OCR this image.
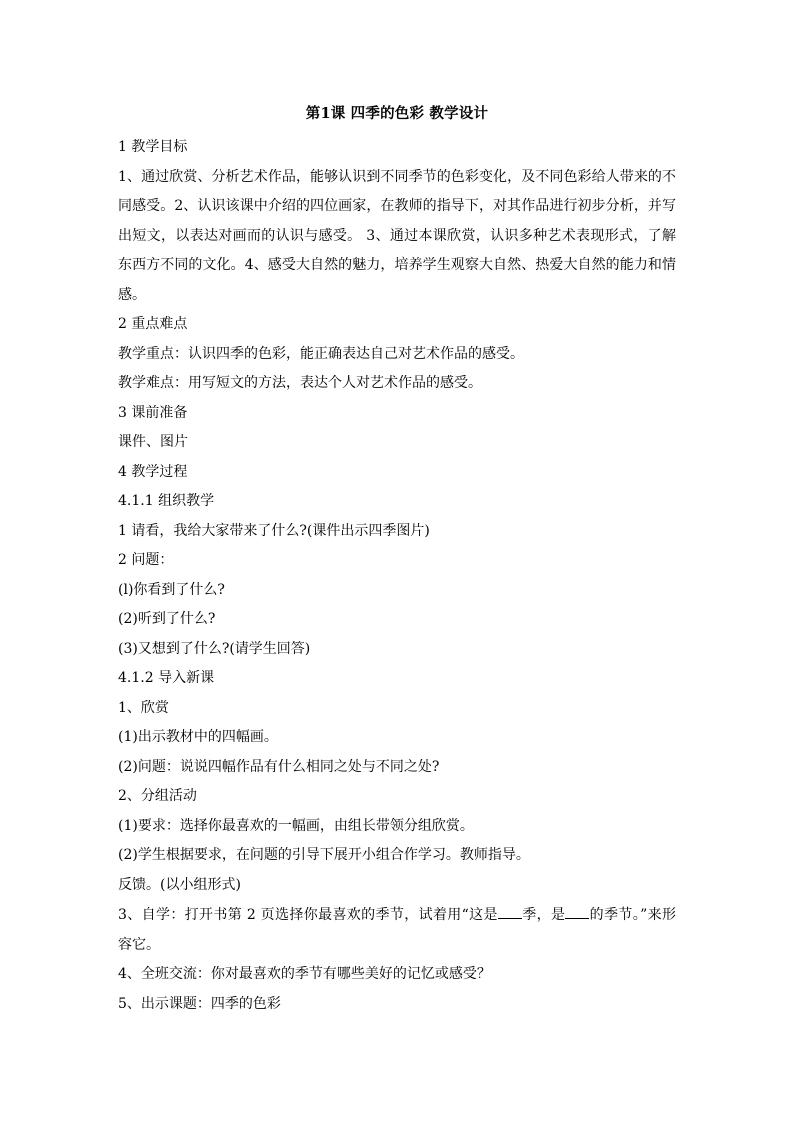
第1课 四季的色彩 教学设计

1 教学目标

1、通过欣赏、分析艺术作品，能够认识到不同季节的色彩变化，及不同色彩给人带来的不同感受。2、认识该课中介绍的四位画家，在教师的指导下，对其作品进行初步分析，并写出短文，以表达对画而的认识与感受。 3、通过本课欣赏，认识多种艺术表现形式，了解东西方不同的文化。4、感受大自然的魅力，培养学生观察大自然、热爱大自然的能力和情感。

2 重点难点

教学重点：认识四季的色彩，能正确表达自己对艺术作品的感受。

教学难点：用写短文的方法，表达个人对艺术作品的感受。

3 课前准备

课件、图片

4 教学过程

4.1.1 组织教学

1 请看，我给大家带来了什么?(课件出示四季图片)

2 问题：

(l)你看到了什么?

(2)听到了什么?

(3)又想到了什么?(请学生回答)

4.1.2 导入新课

1、欣赏

(1)出示教材中的四幅画。

(2)问题：说说四幅作品有什么相同之处与不同之处?

2、分组活动

(1)要求：选择你最喜欢的一幅画，由组长带领分组欣赏。

(2)学生根据要求，在问题的引导下展开小组合作学习。教师指导。

反馈。(以小组形式)

3、自学：打开书第 2 页选择你最喜欢的季节，试着用“这是 季，是 的季节。”来形容它。

4、全班交流：你对最喜欢的季节有哪些美好的记忆或感受？

5、出示课题：四季的色彩
